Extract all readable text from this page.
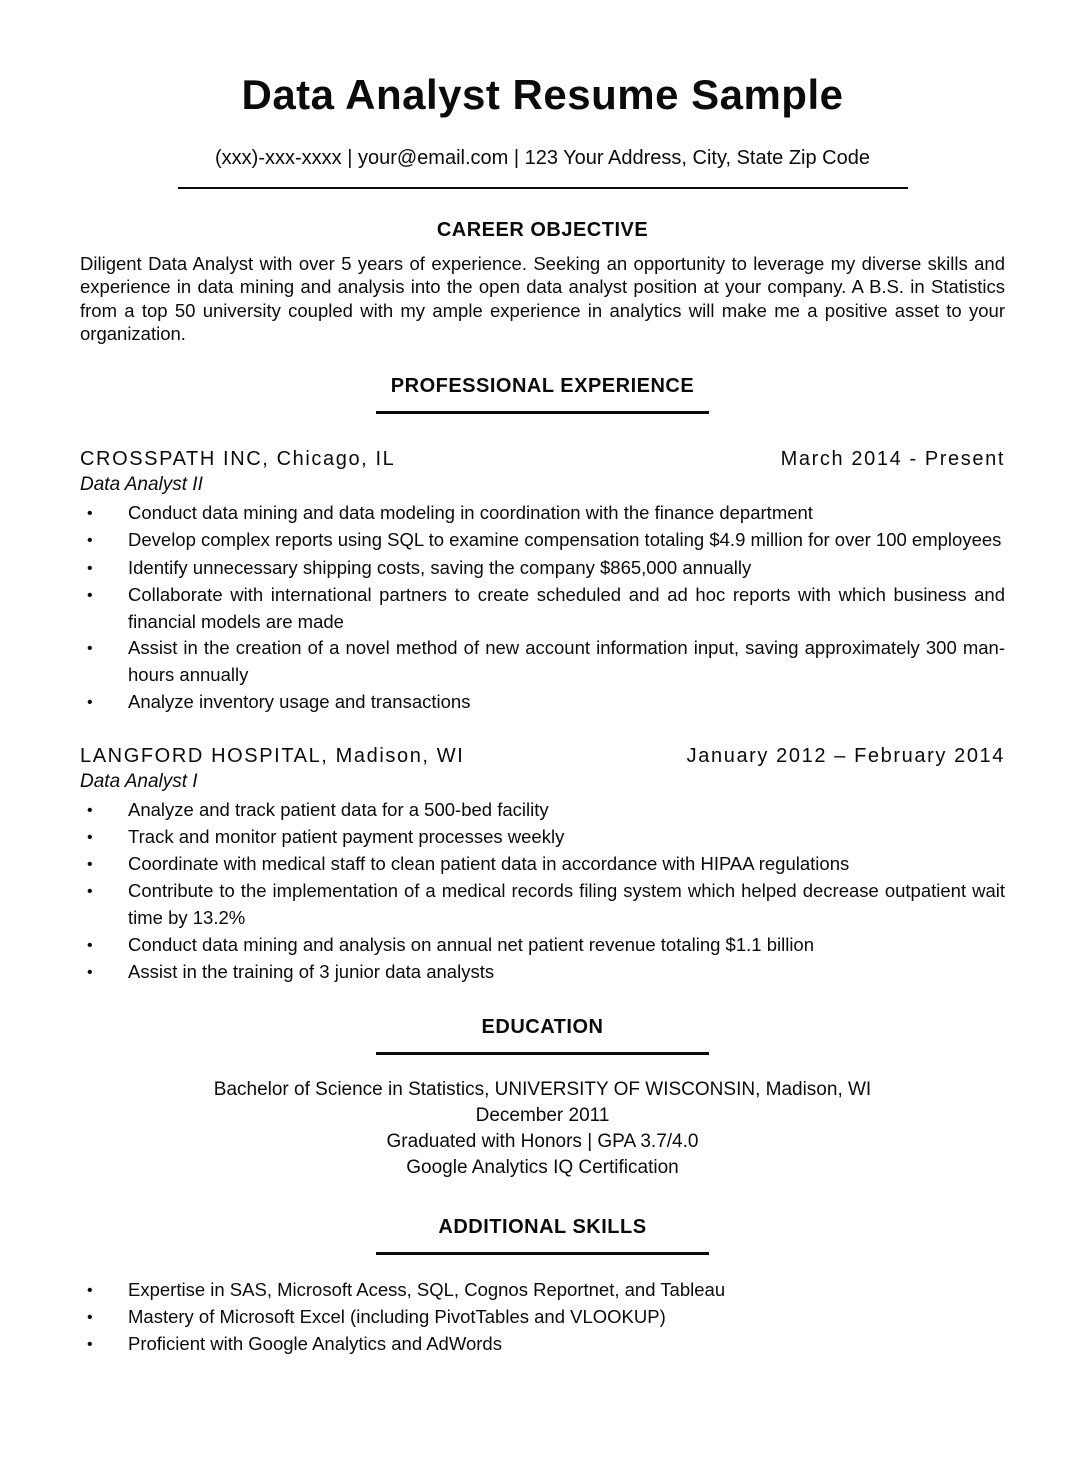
Data Analyst Resume Sample
(xxx)-xxx-xxxx | your@email.com | 123 Your Address, City, State Zip Code
CAREER OBJECTIVE

Diligent Data Analyst with over 5 years of experience. Seeking an opportunity to leverage my diverse skills and experience in data mining and analysis into the open data analyst position at your company. A B.S. in Statistics from a top 50 university coupled with my ample experience in analytics will make me a positive asset to your organization.

PROFESSIONAL EXPERIENCE
CROSSPATH INC, Chicago, IL	March 2014 - Present
Data Analyst II
•	Conduct data mining and data modeling in coordination with the finance department
•	Develop complex reports using SQL to examine compensation totaling $4.9 million for over 100 employees
•	Identify unnecessary shipping costs, saving the company $865,000 annually
•	Collaborate with international partners to create scheduled and ad hoc reports with which business and financial models are made
•	Assist in the creation of a novel method of new account information input, saving approximately 300 man-hours annually
•	Analyze inventory usage and transactions
LANGFORD HOSPITAL, Madison, WI	January 2012 – February 2014
Data Analyst I
•	Analyze and track patient data for a 500-bed facility
•	Track and monitor patient payment processes weekly
•	Coordinate with medical staff to clean patient data in accordance with HIPAA regulations
•	Contribute to the implementation of a medical records filing system which helped decrease outpatient wait time by 13.2%
•	Conduct data mining and analysis on annual net patient revenue totaling $1.1 billion
•	Assist in the training of 3 junior data analysts
EDUCATION
Bachelor of Science in Statistics, UNIVERSITY OF WISCONSIN, Madison, WI
December 2011
Graduated with Honors | GPA 3.7/4.0
Google Analytics IQ Certification
ADDITIONAL SKILLS
•	Expertise in SAS, Microsoft Acess, SQL, Cognos Reportnet, and Tableau
•	Mastery of Microsoft Excel (including PivotTables and VLOOKUP)
•	Proficient with Google Analytics and AdWords
